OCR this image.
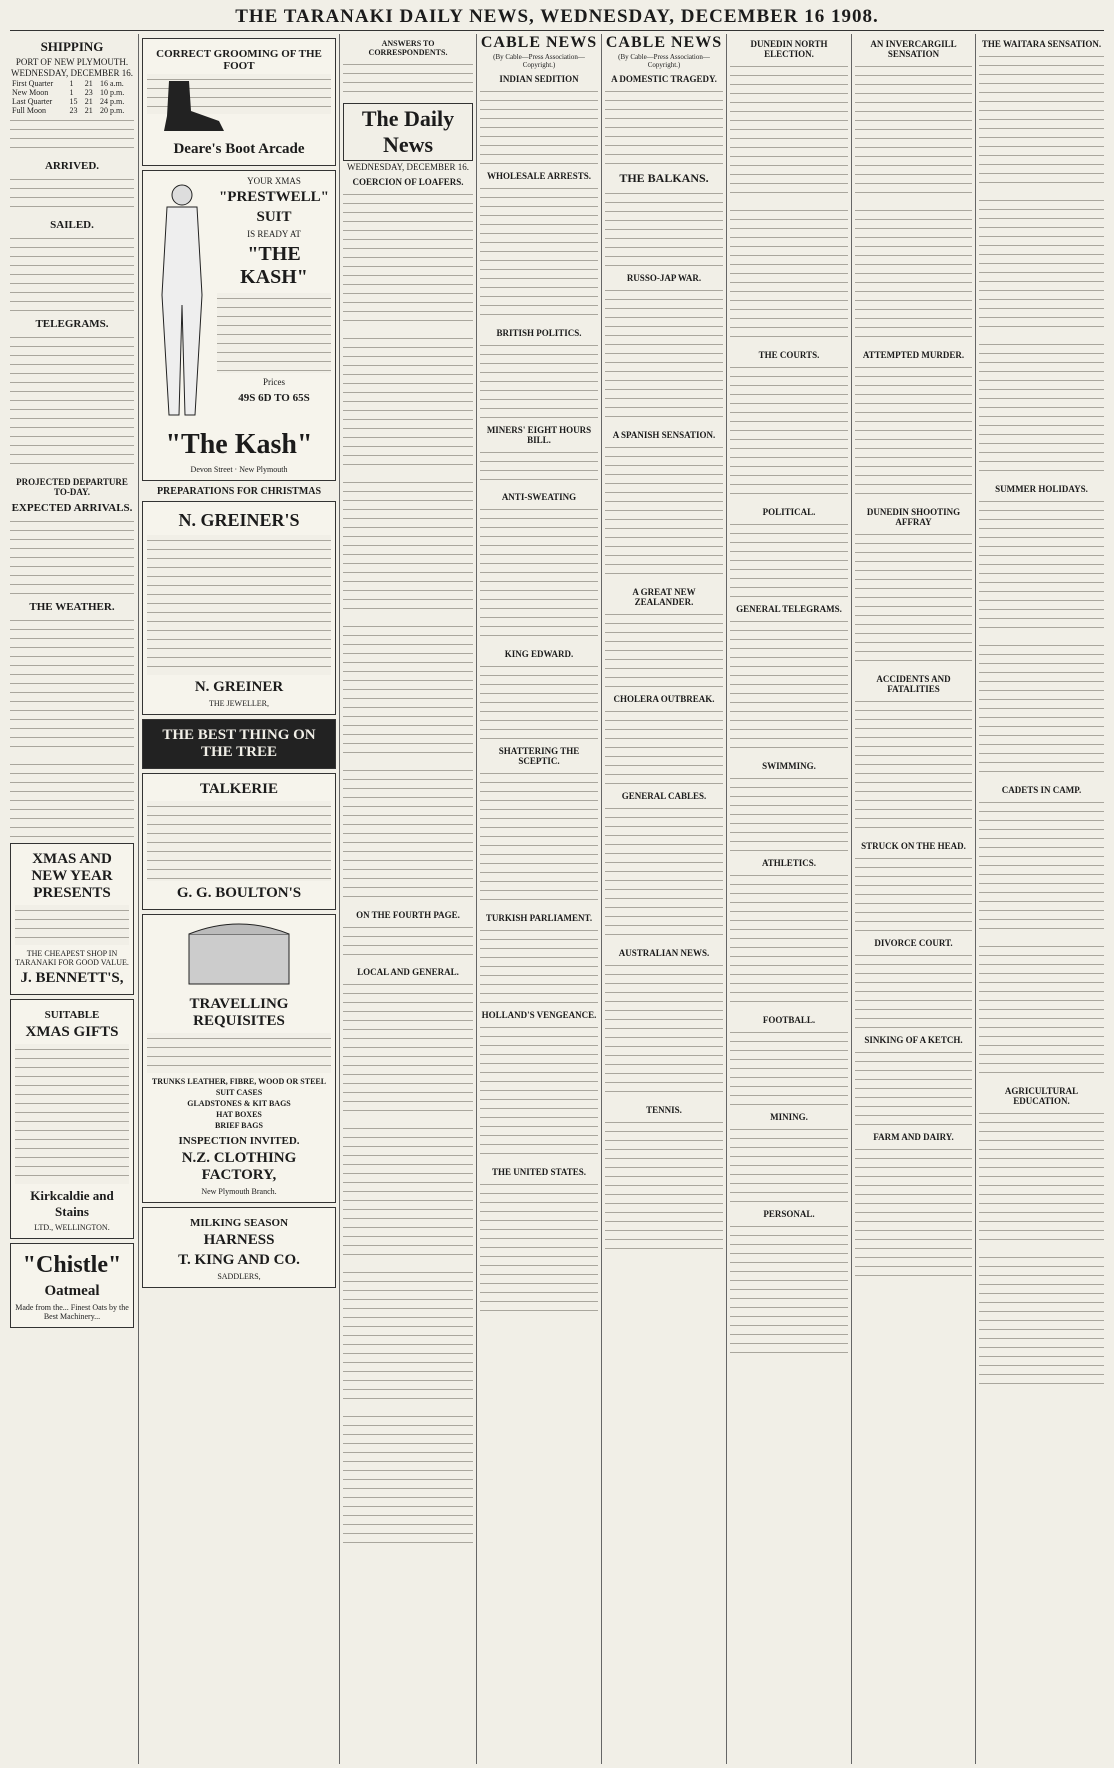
THE TARANAKI DAILY NEWS, WEDNESDAY, DECEMBER 16 1908.
SHIPPING
PORT OF NEW PLYMOUTH.
WEDNESDAY, DECEMBER 16.
First Quarter	1	21	16 a.m.
New Moon	1	23	10 p.m.
Last Quarter	15	21	24 p.m.
Full Moon	23	21	20 p.m.
ARRIVED.
SAILED.
TELEGRAMS.
PROJECTED DEPARTURE TO-DAY.
EXPECTED ARRIVALS.
THE WEATHER.
XMAS AND NEW YEAR PRESENTS
THE CHEAPEST SHOP IN TARANAKI FOR GOOD VALUE.
J. BENNETT'S,
SUITABLE
XMAS GIFTS
Kirkcaldie and Stains
LTD., WELLINGTON.
"Chistle"
Oatmeal
Made from the... Finest Oats by the Best Machinery...
CORRECT GROOMING OF THE FOOT
Deare's Boot Arcade
YOUR XMAS
"PRESTWELL"
SUIT
IS READY AT
"THE KASH"
Prices
49S 6D TO 65S
"The Kash"
Devon Street · New Plymouth
PREPARATIONS FOR CHRISTMAS
N. GREINER'S
N. GREINER
THE JEWELLER,
THE BEST THING ON THE TREE
TALKERIE
G. G. BOULTON'S
TRAVELLING REQUISITES
TRUNKS LEATHER, FIBRE, WOOD OR STEEL
SUIT CASES
GLADSTONES & KIT BAGS
HAT BOXES
BRIEF BAGS
INSPECTION INVITED.
N.Z. CLOTHING FACTORY,
New Plymouth Branch.
MILKING SEASON
HARNESS
T. KING AND CO.
SADDLERS,
ANSWERS TO CORRESPONDENTS.
The Daily News
WEDNESDAY, DECEMBER 16.
COERCION OF LOAFERS.
ON THE FOURTH PAGE.
LOCAL AND GENERAL.
CABLE NEWS
(By Cable—Press Association—Copyright.)
INDIAN SEDITION
WHOLESALE ARRESTS.
BRITISH POLITICS.
MINERS' EIGHT HOURS BILL.
ANTI-SWEATING
KING EDWARD.
SHATTERING THE SCEPTIC.
TURKISH PARLIAMENT.
HOLLAND'S VENGEANCE.
THE UNITED STATES.
CABLE NEWS
(By Cable—Press Association—Copyright.)
A DOMESTIC TRAGEDY.
THE BALKANS.
RUSSO-JAP WAR.
A SPANISH SENSATION.
A GREAT NEW ZEALANDER.
CHOLERA OUTBREAK.
GENERAL CABLES.
AUSTRALIAN NEWS.
TENNIS.
DUNEDIN NORTH ELECTION.
THE COURTS.
POLITICAL.
GENERAL TELEGRAMS.
SWIMMING.
ATHLETICS.
FOOTBALL.
MINING.
PERSONAL.
AN INVERCARGILL SENSATION
ATTEMPTED MURDER.
DUNEDIN SHOOTING AFFRAY
ACCIDENTS AND FATALITIES
STRUCK ON THE HEAD.
DIVORCE COURT.
SINKING OF A KETCH.
FARM AND DAIRY.
THE WAITARA SENSATION.
SUMMER HOLIDAYS.
CADETS IN CAMP.
AGRICULTURAL EDUCATION.
